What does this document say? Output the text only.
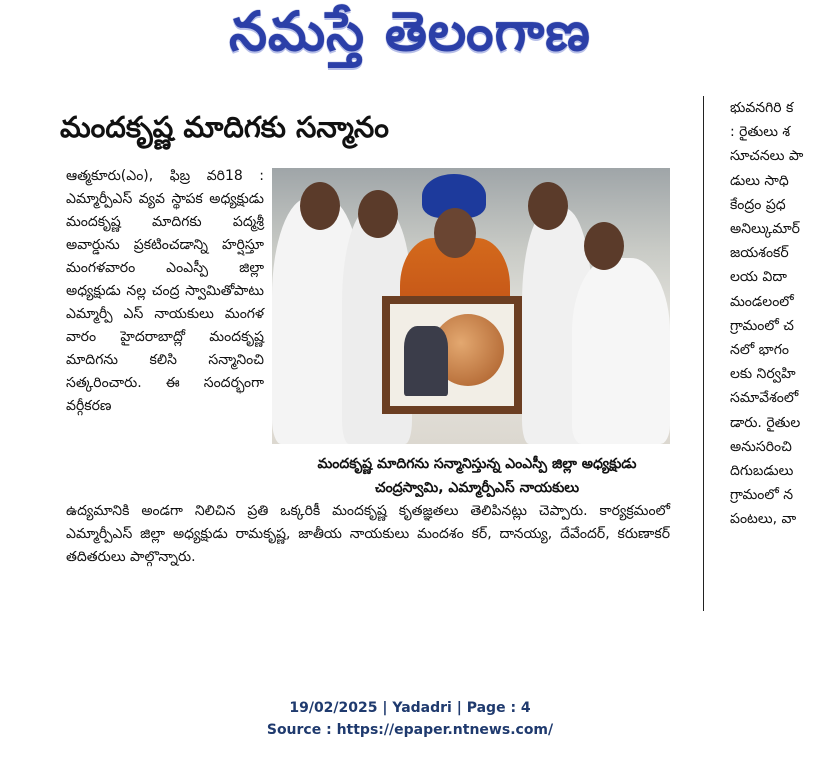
నమస్తే తెలంగాణ
మందకృష్ణ మాదిగకు సన్మానం

ఆత్మకూరు(ఎం), ఫిబ్ర వరి18 : ఎమ్మార్పీఎస్ వ్యవ స్థాపక అధ్యక్షుడు మందకృష్ణ మాదిగకు పద్మశ్రీ అవార్డును ప్రకటించడాన్ని హర్షిస్తూ మంగళవారం ఎంఎస్పీ జిల్లా అధ్యక్షుడు నల్ల చంద్ర స్వామితోపాటు ఎమ్మార్పీ ఎస్ నాయకులు మంగళ వారం హైదరాబాద్లో మందకృష్ణ మాదిగను కలిసి సన్మానించి సత్కరించారు. ఈ సందర్భంగా వర్గీకరణ

మందకృష్ణ మాదిగను సన్మానిస్తున్న ఎంఎస్పీ జిల్లా అధ్యక్షుడు చంద్రస్వామి, ఎమ్మార్పీఎస్ నాయకులు

ఉద్యమానికి అండగా నిలిచిన ప్రతి ఒక్కరికీ మందకృష్ణ కృతజ్ఞతలు తెలిపినట్లు చెప్పారు. కార్యక్రమంలో ఎమ్మార్పీఎస్ జిల్లా అధ్యక్షుడు రామకృష్ణ, జాతీయ నాయకులు మందశం కర్, దానయ్య, దేవేందర్, కరుణాకర్ తదితరులు పాల్గొన్నారు.

భువనగిరి క
: రైతులు శ
సూచనలు పా
డులు సాధి
కేంద్రం ప్రధ
అనిల్కుమార్
జయశంకర్
లయ విదా
మండలంలో
గ్రామంలో చ
నలో భాగం
లకు నిర్వహి
సమావేశంలో
డారు. రైతుల
అనుసరించి
దిగుబడులు
గ్రామంలో న
పంటలు, వా
19/02/2025 | Yadadri | Page : 4
Source : https://epaper.ntnews.com/
